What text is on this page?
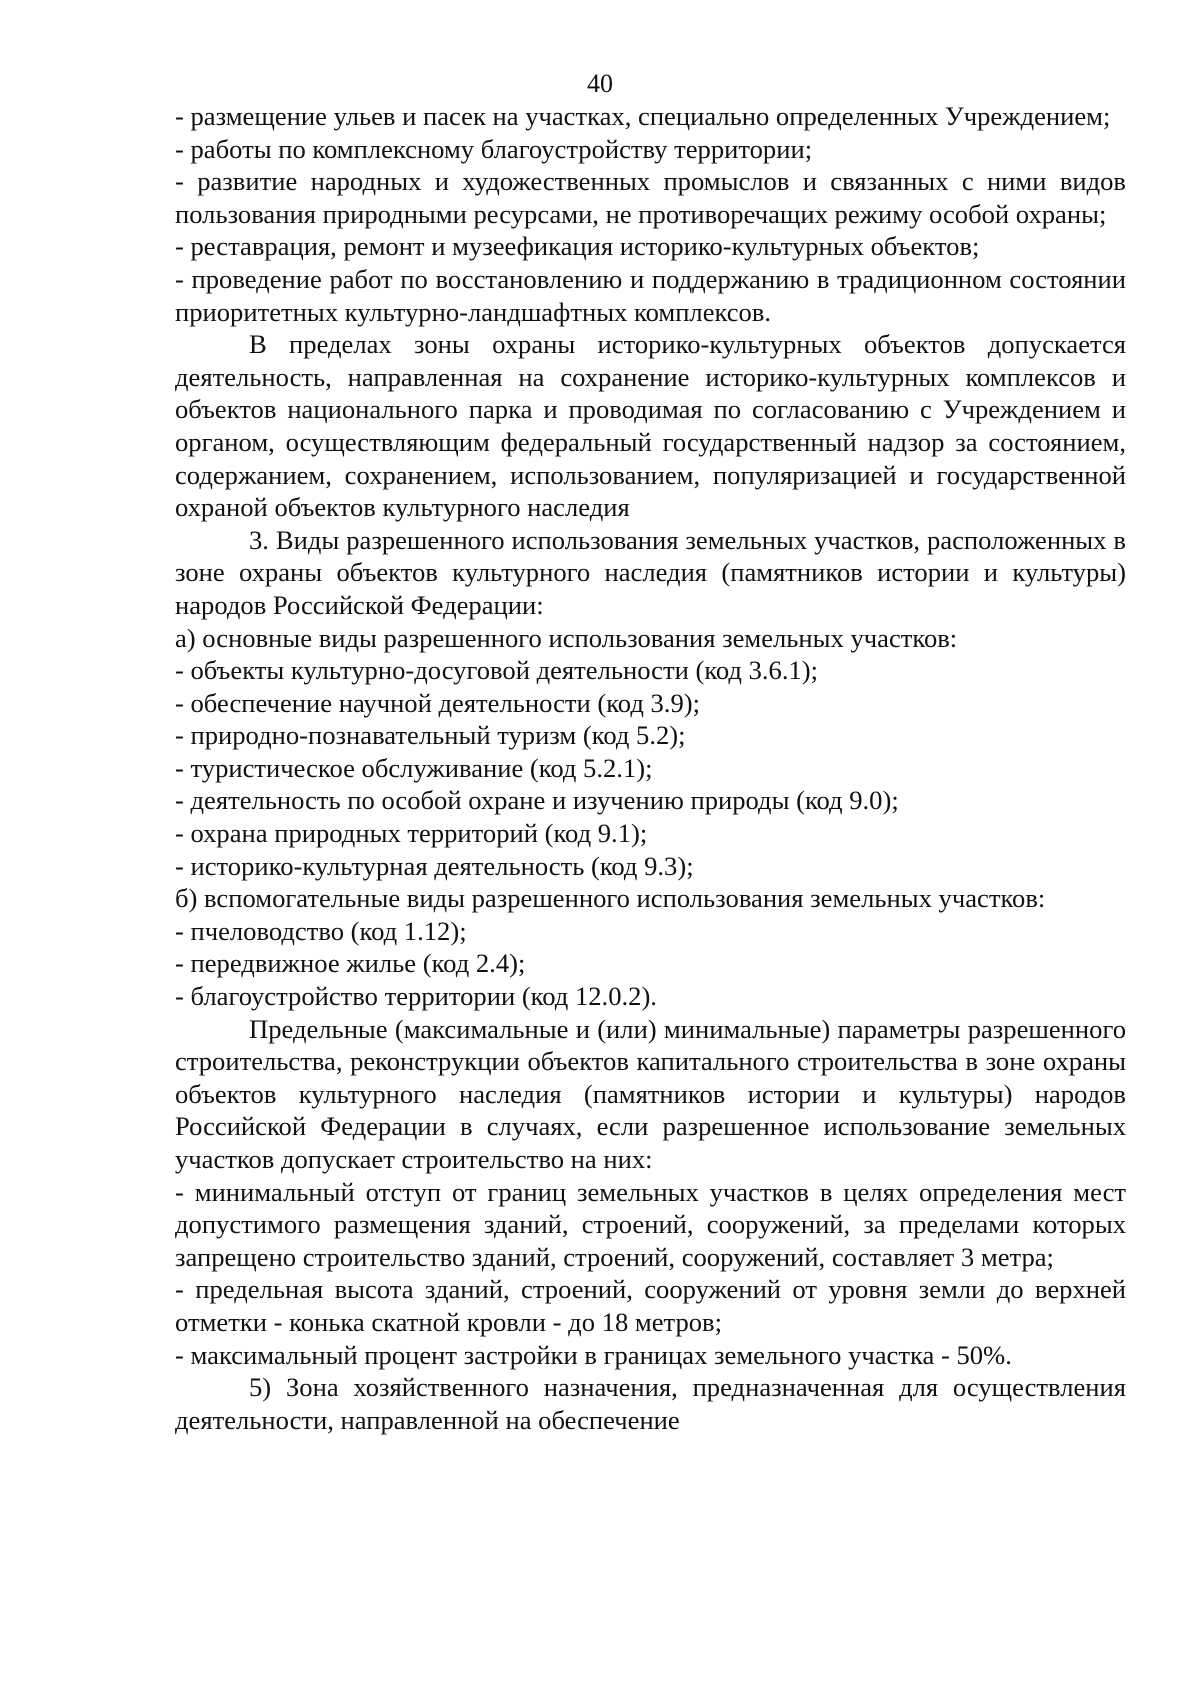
40

- размещение ульев и пасек на участках, специально определенных Учреждением;

- работы по комплексному благоустройству территории;

- развитие народных и художественных промыслов и связанных с ними видов пользования природными ресурсами, не противоречащих режиму особой охраны;

- реставрация, ремонт и музеефикация историко-культурных объектов;

- проведение работ по восстановлению и поддержанию в традиционном состоянии приоритетных культурно-ландшафтных комплексов.

В пределах зоны охраны историко-культурных объектов допускается деятельность, направленная на сохранение историко-культурных комплексов и объектов национального парка и проводимая по согласованию с Учреждением и органом, осуществляющим федеральный государственный надзор за состоянием, содержанием, сохранением, использованием, популяризацией и государственной охраной объектов культурного наследия

3. Виды разрешенного использования земельных участков, расположенных в зоне охраны объектов культурного наследия (памятников истории и культуры) народов Российской Федерации:

а) основные виды разрешенного использования земельных участков:

- объекты культурно-досуговой деятельности (код 3.6.1);

- обеспечение научной деятельности (код 3.9);

- природно-познавательный туризм (код 5.2);

- туристическое обслуживание (код 5.2.1);

- деятельность по особой охране и изучению природы (код 9.0);

- охрана природных территорий (код 9.1);

- историко-культурная деятельность (код 9.3);

б) вспомогательные виды разрешенного использования земельных участков:

- пчеловодство (код 1.12);

- передвижное жилье (код 2.4);

- благоустройство территории (код 12.0.2).

Предельные (максимальные и (или) минимальные) параметры разрешенного строительства, реконструкции объектов капитального строительства в зоне охраны объектов культурного наследия (памятников истории и культуры) народов Российской Федерации в случаях, если разрешенное использование земельных участков допускает строительство на них:

- минимальный отступ от границ земельных участков в целях определения мест допустимого размещения зданий, строений, сооружений, за пределами которых запрещено строительство зданий, строений, сооружений, составляет 3 метра;

- предельная высота зданий, строений, сооружений от уровня земли до верхней отметки - конька скатной кровли - до 18 метров;

- максимальный процент застройки в границах земельного участка - 50%.

5) Зона хозяйственного назначения, предназначенная для осуществления деятельности, направленной на обеспечение
